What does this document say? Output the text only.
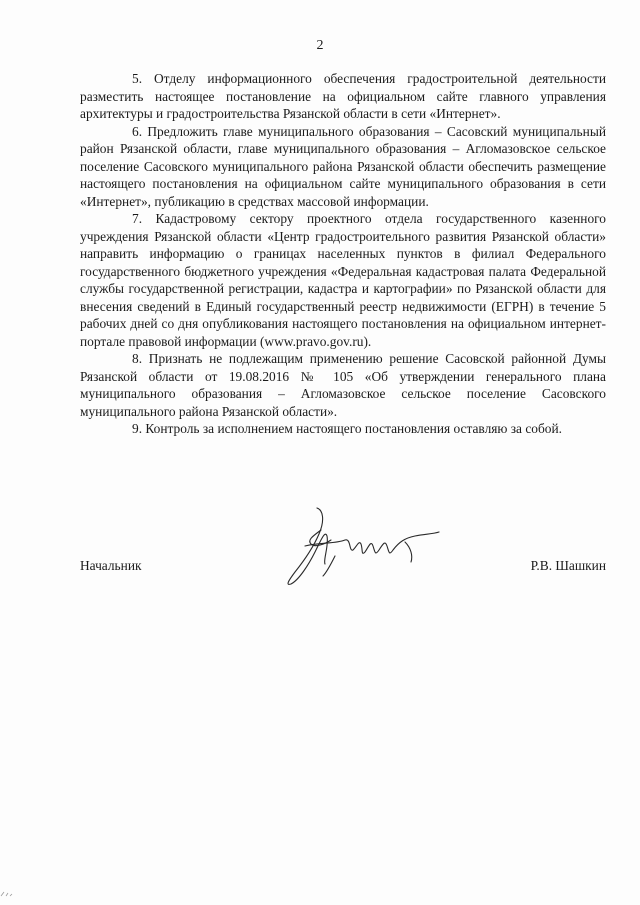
2

5. Отделу информационного обеспечения градостроительной деятельности разместить настоящее постановление на официальном сайте главного управления архитектуры и градостроительства Рязанской области в сети «Интернет».

6. Предложить главе муниципального образования – Сасовский муниципальный район Рязанской области, главе муниципального образования – Агломазовское сельское поселение Сасовского муниципального района Рязанской области обеспечить размещение настоящего постановления на официальном сайте муниципального образования в сети «Интернет», публикацию в средствах массовой информации.

7. Кадастровому сектору проектного отдела государственного казенного учреждения Рязанской области «Центр градостроительного развития Рязанской области» направить информацию о границах населенных пунктов в филиал Федерального государственного бюджетного учреждения «Федеральная кадастровая палата Федеральной службы государственной регистрации, кадастра и картографии» по Рязанской области для внесения сведений в Единый государственный реестр недвижимости (ЕГРН) в течение 5 рабочих дней со дня опубликования настоящего постановления на официальном интернет-портале правовой информации (www.pravo.gov.ru).

8. Признать не подлежащим применению решение Сасовской районной Думы Рязанской области от 19.08.2016 № 105 «Об утверждении генерального плана муниципального образования – Агломазовское сельское поселение Сасовского муниципального района Рязанской области».

9. Контроль за исполнением настоящего постановления оставляю за собой.

Начальник	Р.В. Шашкин
